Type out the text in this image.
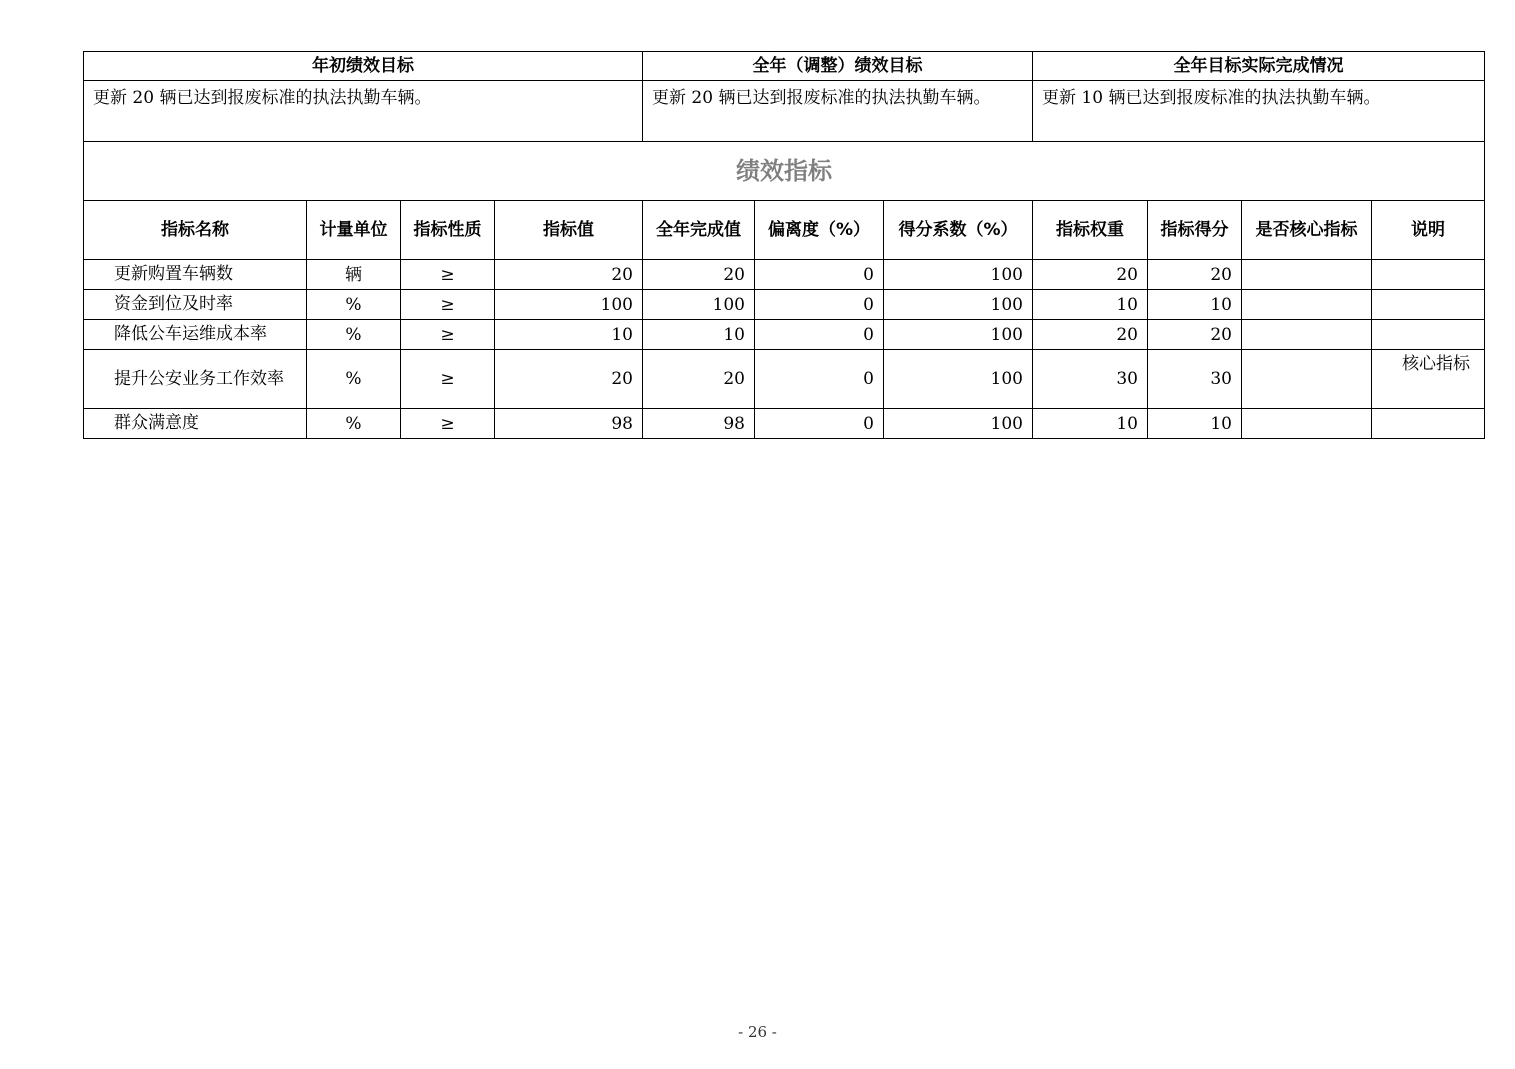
年初绩效目标				全年（调整）绩效目标			全年目标实际完成情况			
更新 20 辆已达到报废标准的执法执勤车辆。				更新 20 辆已达到报废标准的执法执勤车辆。			更新 10 辆已达到报废标准的执法执勤车辆。			
绩效指标										
指标名称	计量单位	指标性质	指标值	全年完成值	偏离度（%）	得分系数（%）	指标权重	指标得分	是否核心指标	说明
更新购置车辆数	辆	≥	20	20	0	100	20	20		
资金到位及时率	%	≥	100	100	0	100	10	10		
降低公车运维成本率	%	≥	10	10	0	100	20	20		
提升公安业务工作效率	%	≥	20	20	0	100	30	30		核心指标
群众满意度	%	≥	98	98	0	100	10	10		
- 26 -
